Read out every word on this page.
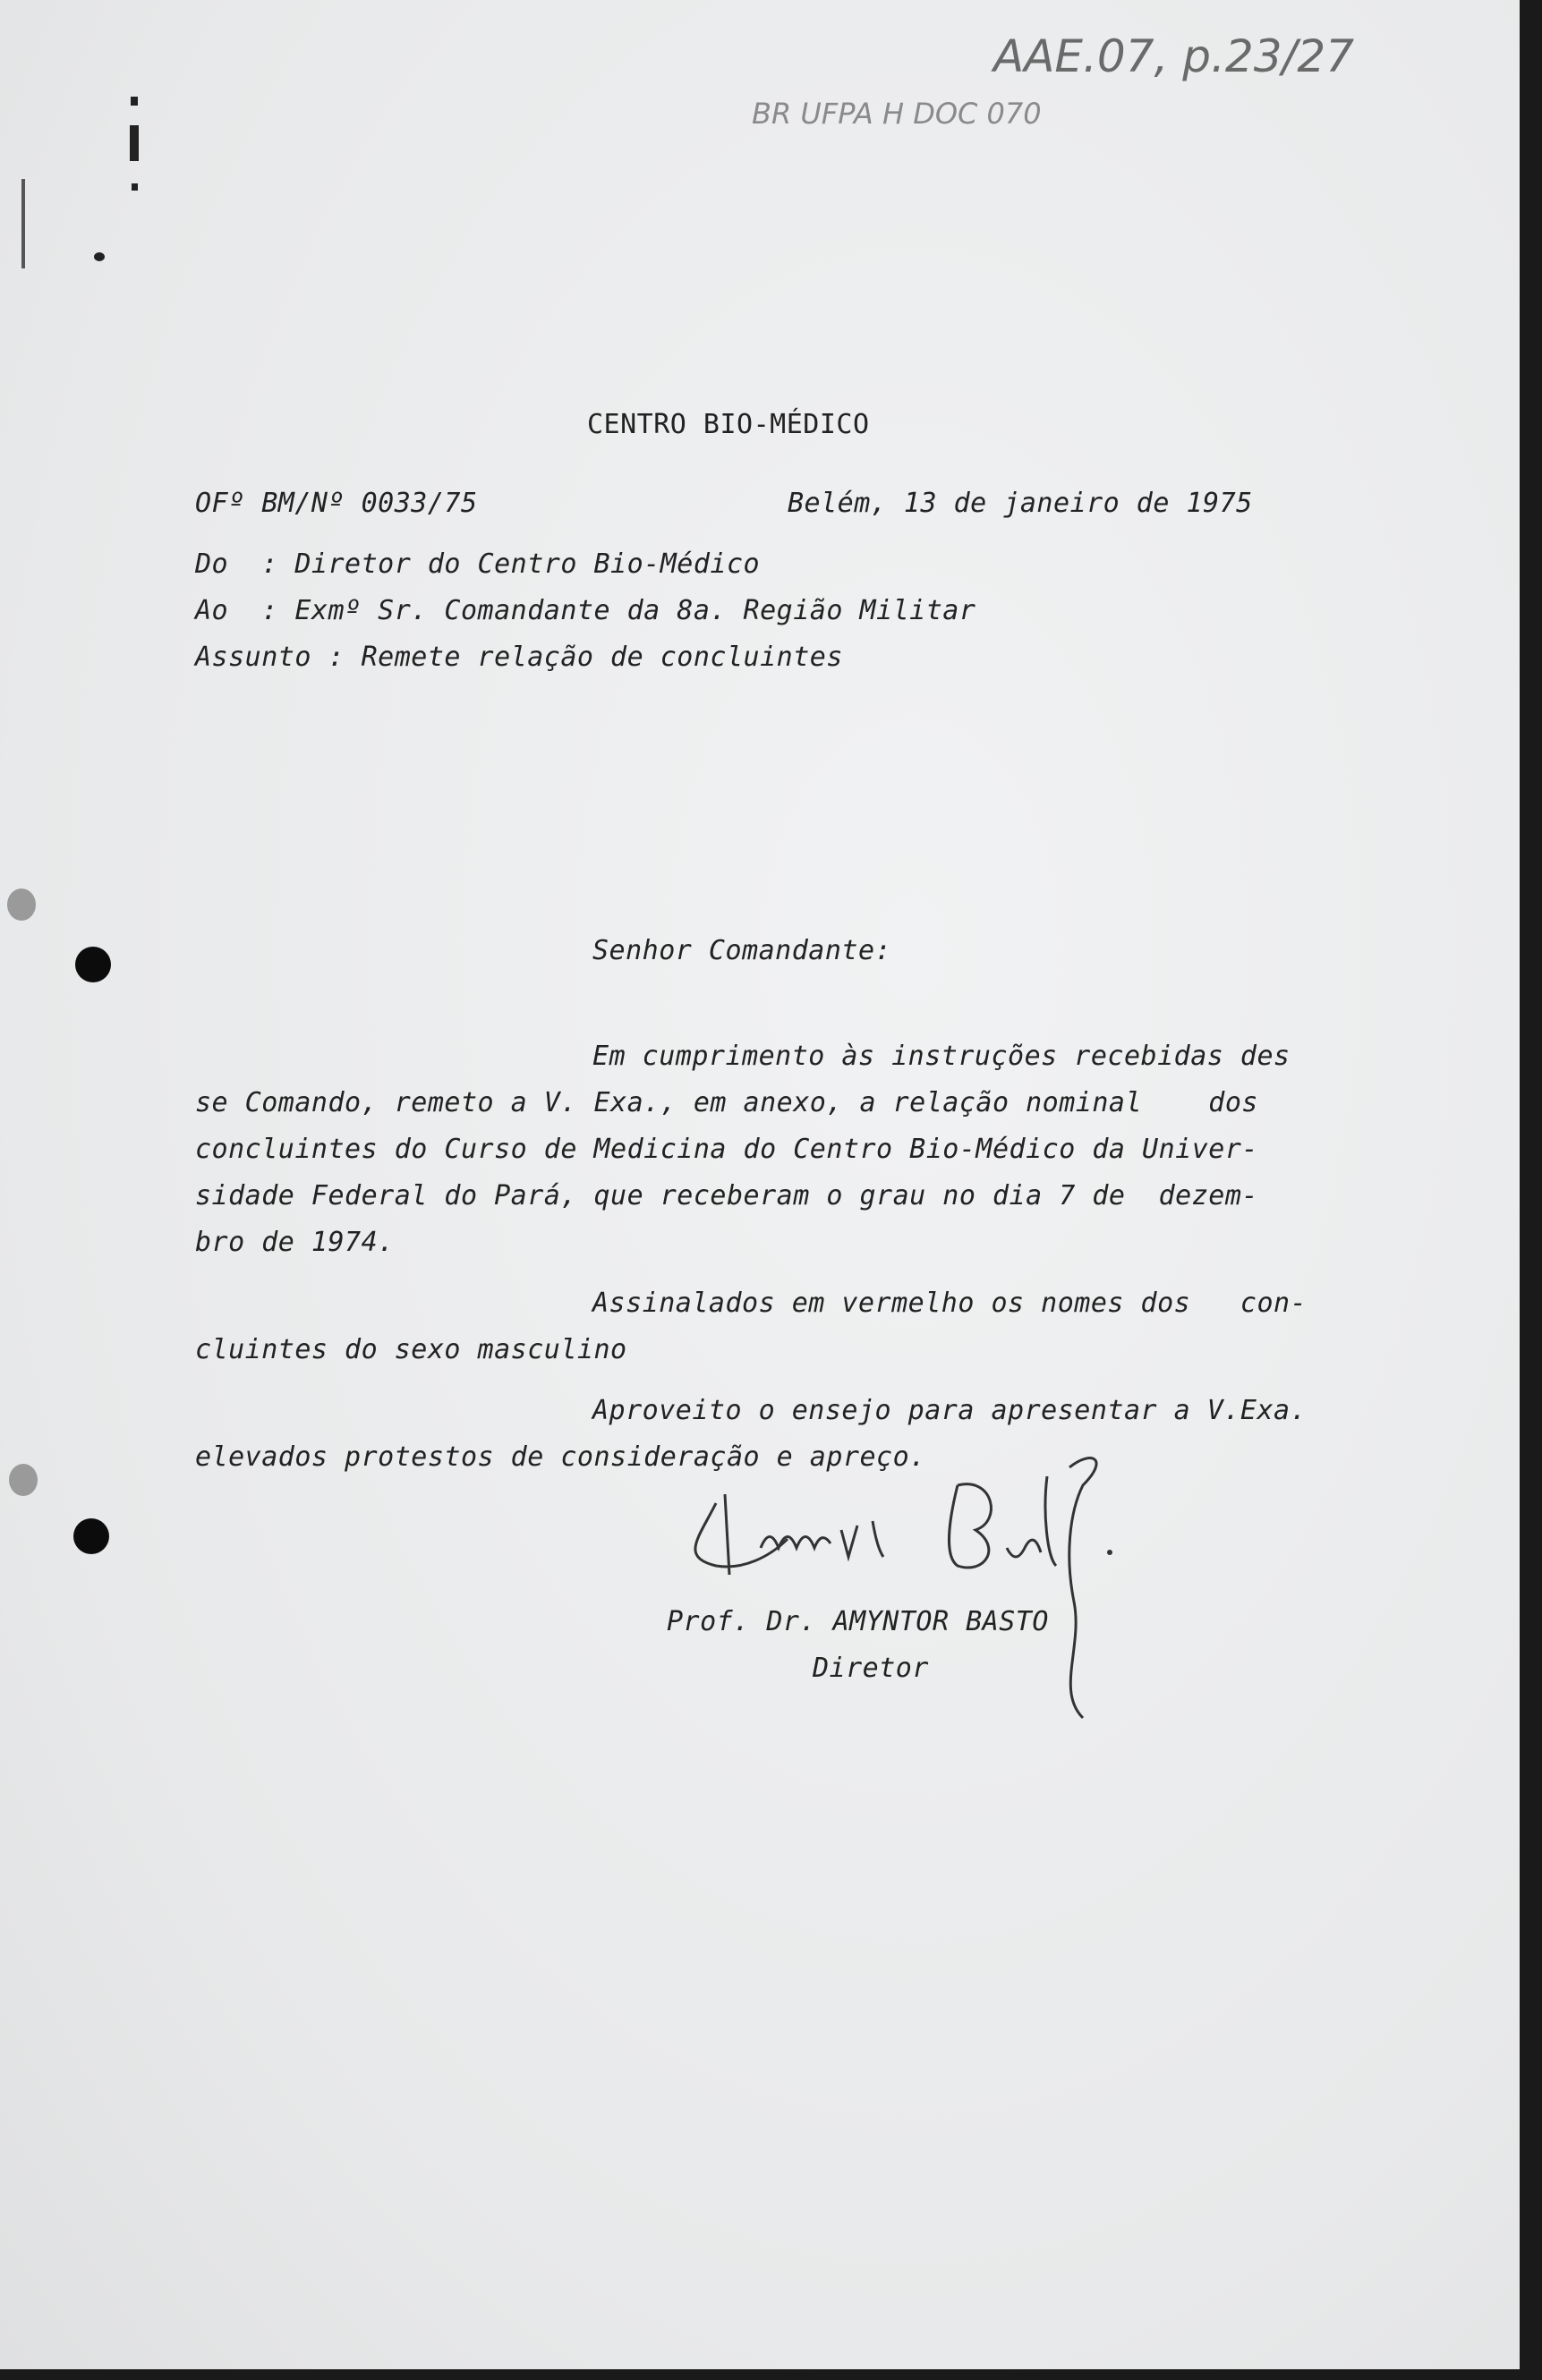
AAE.07, p.23/27
BR UFPA H DOC 070
CENTRO BIO-MÉDICO
OFº BM/Nº 0033/75	Belém, 13 de janeiro de 1975
Do  : Diretor do Centro Bio-Médico
Ao  : Exmº Sr. Comandante da 8a. Região Militar
Assunto : Remete relação de concluintes
Senhor Comandante:
Em cumprimento às instruções recebidas des
se Comando, remeto a V. Exa., em anexo, a relação nominal    dos
concluintes do Curso de Medicina do Centro Bio-Médico da Univer-
sidade Federal do Pará, que receberam o grau no dia 7 de  dezem-
bro de 1974.
Assinalados em vermelho os nomes dos   con-
cluintes do sexo masculino
Aproveito o ensejo para apresentar a V.Exa.
elevados protestos de consideração e apreço.
Prof. Dr. AMYNTOR BASTO
Diretor
